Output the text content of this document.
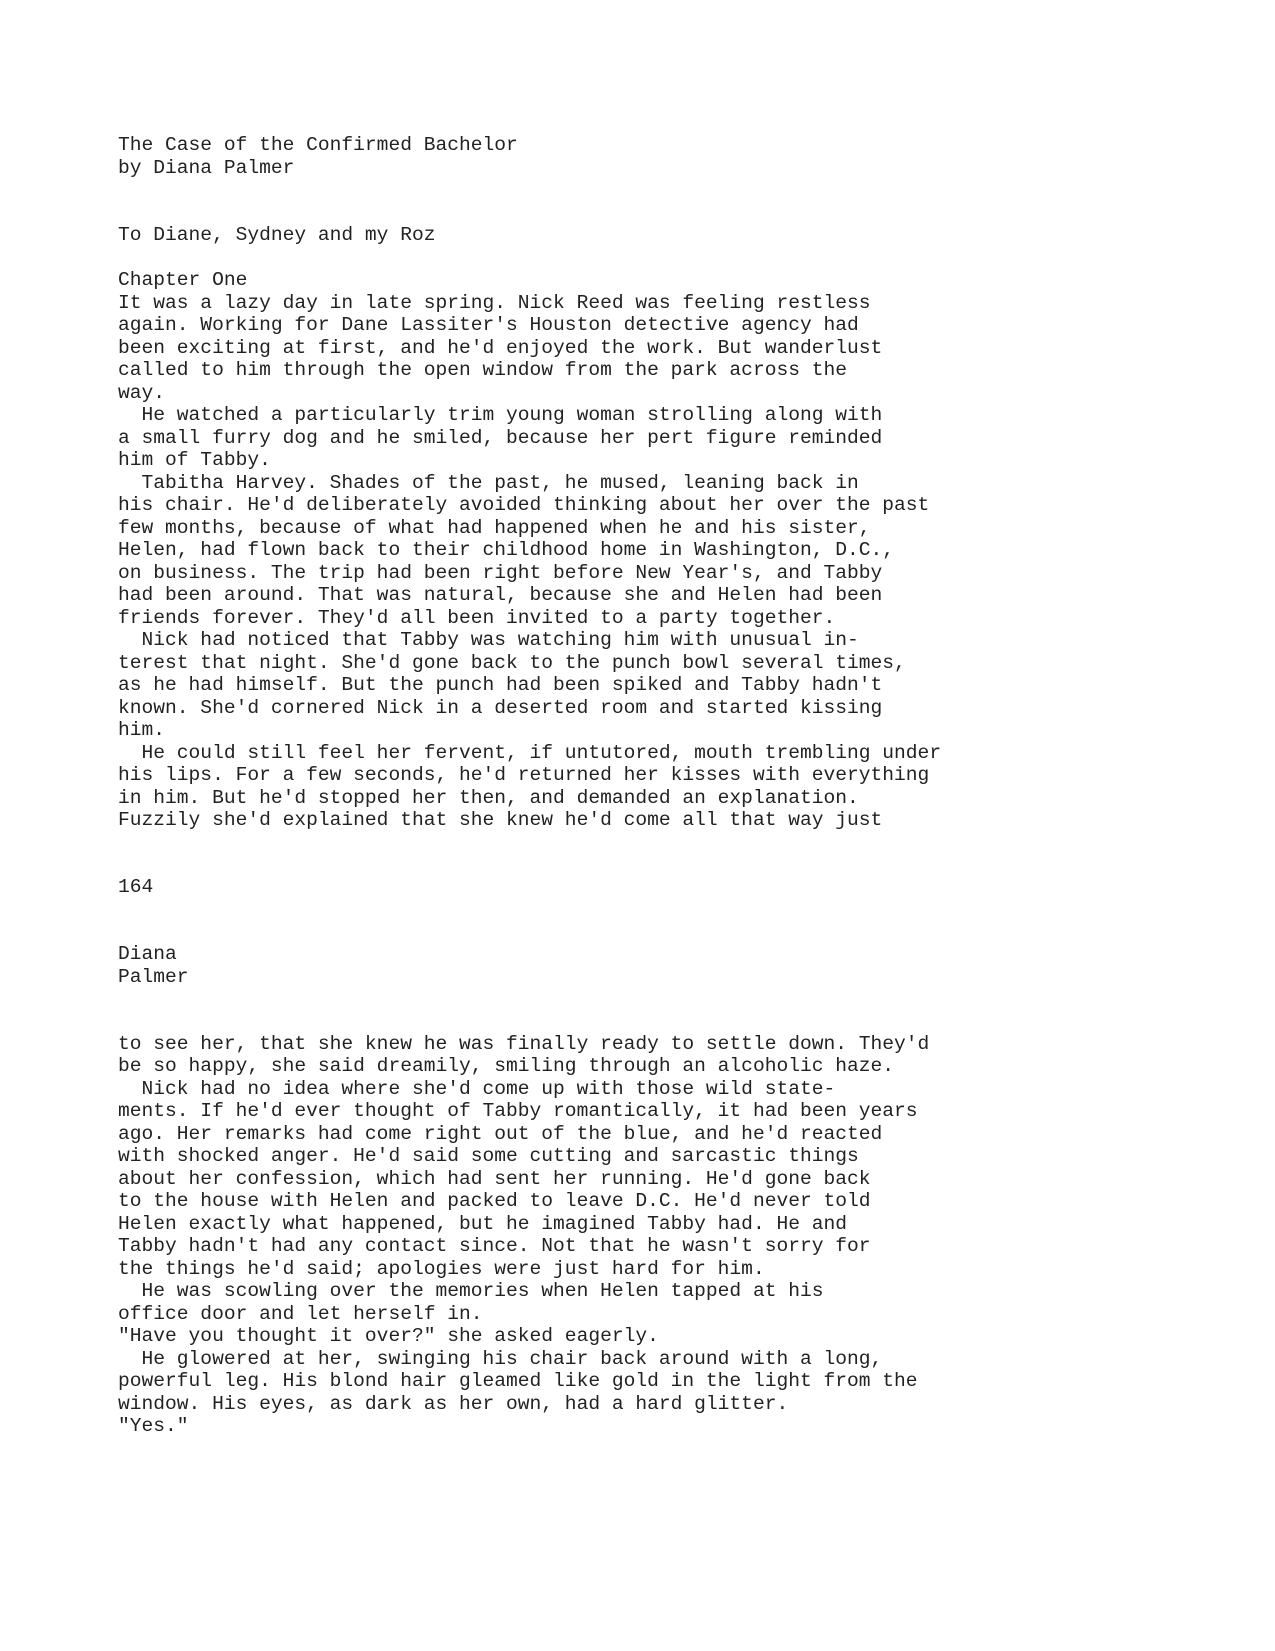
The Case of the Confirmed Bachelor
by Diana Palmer
To Diane, Sydney and my Roz
Chapter One
It was a lazy day in late spring. Nick Reed was feeling restless
again. Working for Dane Lassiter's Houston detective agency had
been exciting at first, and he'd enjoyed the work. But wanderlust
called to him through the open window from the park across the
way.
He watched a particularly trim young woman strolling along with
a small furry dog and he smiled, because her pert figure reminded
him of Tabby.
Tabitha Harvey. Shades of the past, he mused, leaning back in
his chair. He'd deliberately avoided thinking about her over the past
few months, because of what had happened when he and his sister,
Helen, had flown back to their childhood home in Washington, D.C.,
on business. The trip had been right before New Year's, and Tabby
had been around. That was natural, because she and Helen had been
friends forever. They'd all been invited to a party together.
Nick had noticed that Tabby was watching him with unusual in-
terest that night. She'd gone back to the punch bowl several times,
as he had himself. But the punch had been spiked and Tabby hadn't
known. She'd cornered Nick in a deserted room and started kissing
him.
He could still feel her fervent, if untutored, mouth trembling under
his lips. For a few seconds, he'd returned her kisses with everything
in him. But he'd stopped her then, and demanded an explanation.
Fuzzily she'd explained that she knew he'd come all that way just
164
Diana
Palmer
to see her, that she knew he was finally ready to settle down. They'd
be so happy, she said dreamily, smiling through an alcoholic haze.
Nick had no idea where she'd come up with those wild state-
ments. If he'd ever thought of Tabby romantically, it had been years
ago. Her remarks had come right out of the blue, and he'd reacted
with shocked anger. He'd said some cutting and sarcastic things
about her confession, which had sent her running. He'd gone back
to the house with Helen and packed to leave D.C. He'd never told
Helen exactly what happened, but he imagined Tabby had. He and
Tabby hadn't had any contact since. Not that he wasn't sorry for
the things he'd said; apologies were just hard for him.
He was scowling over the memories when Helen tapped at his
office door and let herself in.
"Have you thought it over?" she asked eagerly.
He glowered at her, swinging his chair back around with a long,
powerful leg. His blond hair gleamed like gold in the light from the
window. His eyes, as dark as her own, had a hard glitter.
"Yes."
